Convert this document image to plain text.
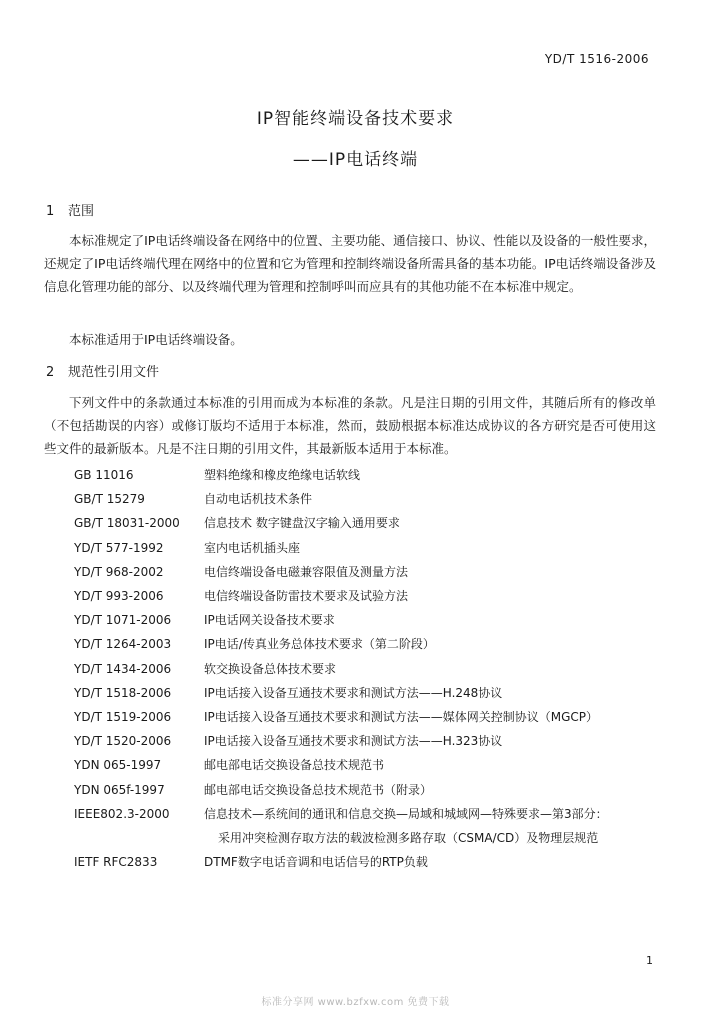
YD/T 1516-2006
IP智能终端设备技术要求
——IP电话终端
1 范围

本标准规定了IP电话终端设备在网络中的位置、主要功能、通信接口、协议、性能以及设备的一般性要求，还规定了IP电话终端代理在网络中的位置和它为管理和控制终端设备所需具备的基本功能。IP电话终端设备涉及信息化管理功能的部分、以及终端代理为管理和控制呼叫而应具有的其他功能不在本标准中规定。

本标准适用于IP电话终端设备。

2 规范性引用文件

下列文件中的条款通过本标准的引用而成为本标准的条款。凡是注日期的引用文件，其随后所有的修改单（不包括勘误的内容）或修订版均不适用于本标准，然而，鼓励根据本标准达成协议的各方研究是否可使用这些文件的最新版本。凡是不注日期的引用文件，其最新版本适用于本标准。

GB 11016	塑料绝缘和橡皮绝缘电话软线
GB/T 15279	自动电话机技术条件
GB/T 18031-2000 信息技术 数字键盘汉字输入通用要求
YD/T 577-1992	室内电话机插头座
YD/T 968-2002	电信终端设备电磁兼容限值及测量方法
YD/T 993-2006	电信终端设备防雷技术要求及试验方法
YD/T 1071-2006	IP电话网关设备技术要求
YD/T 1264-2003	IP电话/传真业务总体技术要求（第二阶段）
YD/T 1434-2006	软交换设备总体技术要求
YD/T 1518-2006	IP电话接入设备互通技术要求和测试方法——H.248协议
YD/T 1519-2006	IP电话接入设备互通技术要求和测试方法——媒体网关控制协议（MGCP）
YD/T 1520-2006	IP电话接入设备互通技术要求和测试方法——H.323协议
YDN 065-1997	邮电部电话交换设备总技术规范书
YDN 065f-1997	邮电部电话交换设备总技术规范书（附录）
IEEE802.3-2000	信息技术—系统间的通讯和信息交换—局域和城域网—特殊要求—第3部分：
采用冲突检测存取方法的载波检测多路存取（CSMA/CD）及物理层规范
IETF RFC2833	DTMF数字电话音调和电话信号的RTP负载
1
标准分享网 www.bzfxw.com 免费下载
